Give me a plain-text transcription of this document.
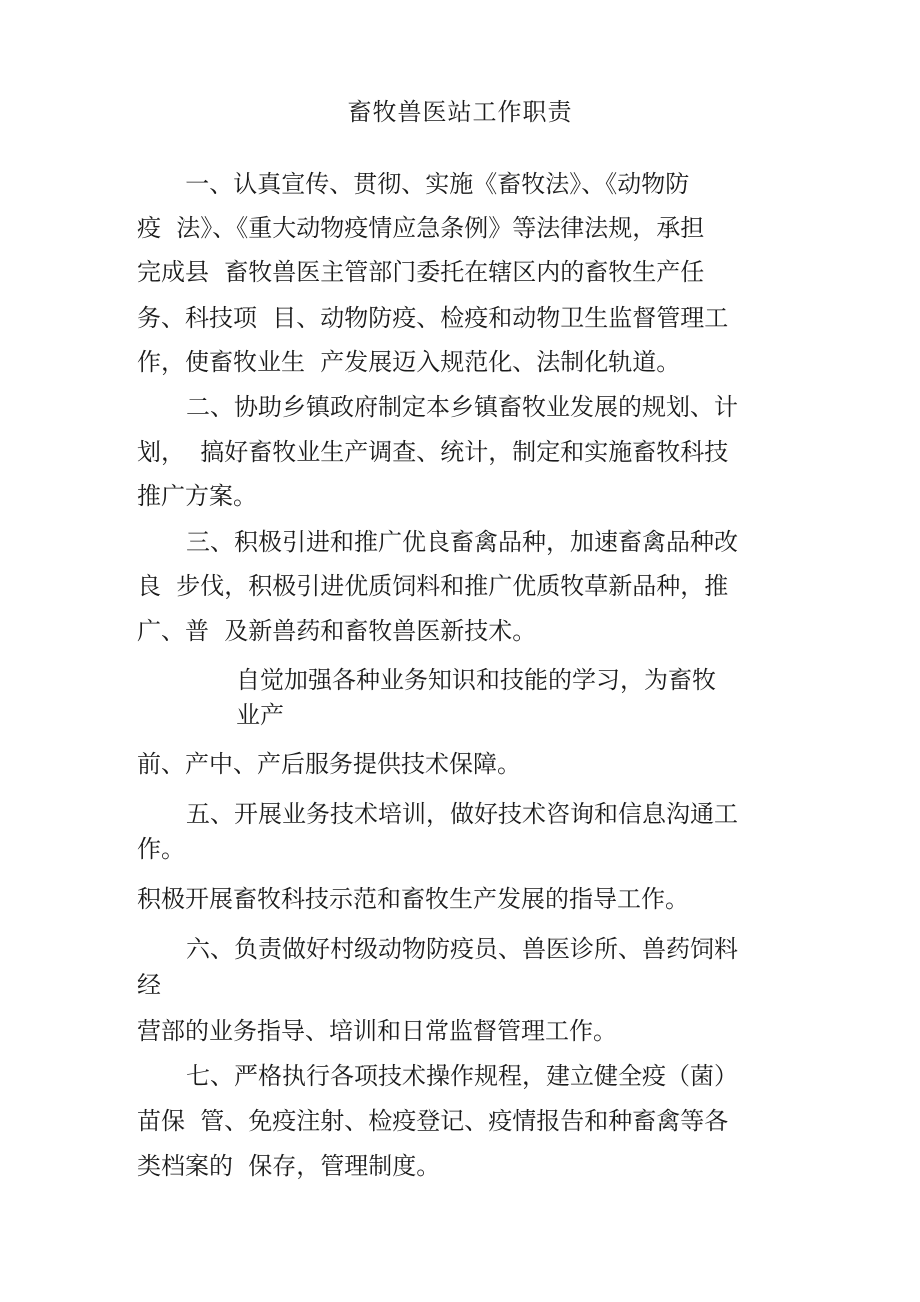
畜牧兽医站工作职责
一、认真宣传、贯彻、实施《畜牧法》、《动物防
疫  法》、《重大动物疫情应急条例》等法律法规，承担
完成县  畜牧兽医主管部门委托在辖区内的畜牧生产任
务、科技项  目、动物防疫、检疫和动物卫生监督管理工
作，使畜牧业生  产发展迈入规范化、法制化轨道。
二、协助乡镇政府制定本乡镇畜牧业发展的规划、计
划，  搞好畜牧业生产调查、统计，制定和实施畜牧科技
推广方案。
三、积极引进和推广优良畜禽品种，加速畜禽品种改
良  步伐，积极引进优质饲料和推广优质牧草新品种，推
广、普  及新兽药和畜牧兽医新技术。
自觉加强各种业务知识和技能的学习，为畜牧
业产
前、产中、产后服务提供技术保障。
五、开展业务技术培训，做好技术咨询和信息沟通工
作。
积极开展畜牧科技示范和畜牧生产发展的指导工作。
六、负责做好村级动物防疫员、兽医诊所、兽药饲料
经
营部的业务指导、培训和日常监督管理工作。
七、严格执行各项技术操作规程，建立健全疫（菌）
苗保  管、免疫注射、检疫登记、疫情报告和种畜禽等各
类档案的  保存，管理制度。
